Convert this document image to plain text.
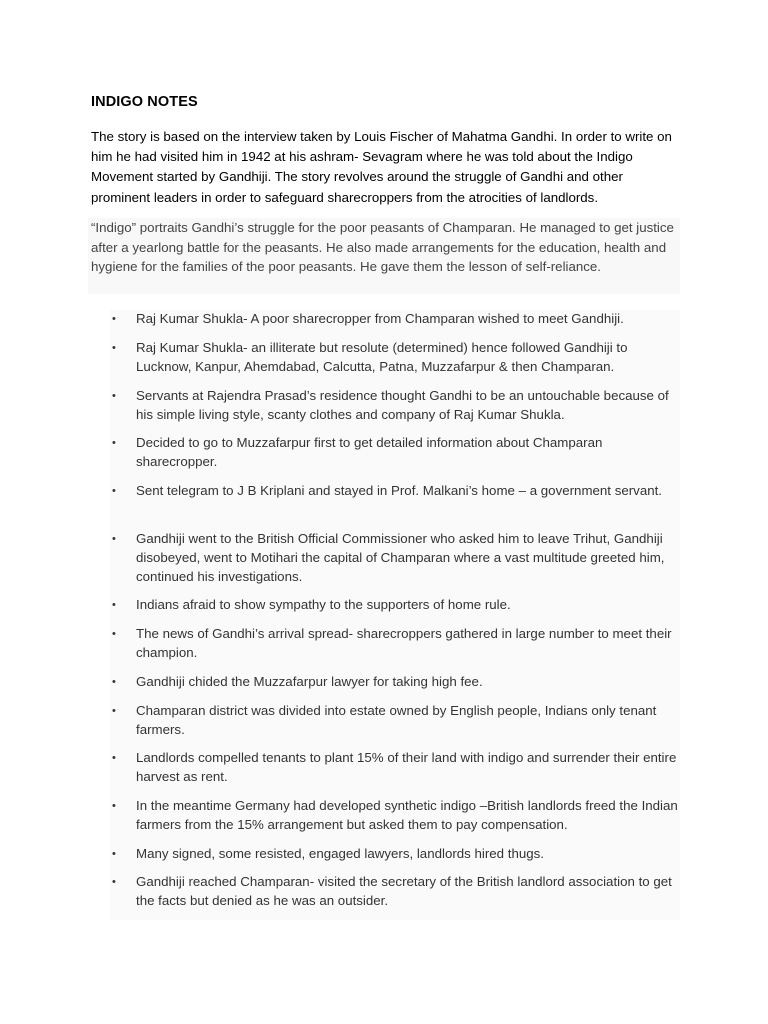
INDIGO NOTES

The story is based on the interview taken by Louis Fischer of Mahatma Gandhi. In order to write on him he had visited him in 1942 at his ashram- Sevagram where he was told about the Indigo Movement started by Gandhiji. The story revolves around the struggle of Gandhi and other prominent leaders in order to safeguard sharecroppers from the atrocities of landlords.

“Indigo” portraits Gandhi’s struggle for the poor peasants of Champaran. He managed to get justice after a yearlong battle for the peasants. He also made arrangements for the education, health and hygiene for the families of the poor peasants. He gave them the lesson of self-reliance.

• Raj Kumar Shukla- A poor sharecropper from Champaran wished to meet Gandhiji.
• Raj Kumar Shukla- an illiterate but resolute (determined) hence followed Gandhiji to Lucknow, Kanpur, Ahemdabad, Calcutta, Patna, Muzzafarpur & then Champaran.
• Servants at Rajendra Prasad’s residence thought Gandhi to be an untouchable because of his simple living style, scanty clothes and company of Raj Kumar Shukla.
• Decided to go to Muzzafarpur first to get detailed information about Champaran sharecropper.
• Sent telegram to J B Kriplani and stayed in Prof. Malkani’s home – a government servant.
• Gandhiji went to the British Official Commissioner who asked him to leave Trihut, Gandhiji disobeyed, went to Motihari the capital of Champaran where a vast multitude greeted him, continued his investigations.
• Indians afraid to show sympathy to the supporters of home rule.
• The news of Gandhi’s arrival spread- sharecroppers gathered in large number to meet their champion.
• Gandhiji chided the Muzzafarpur lawyer for taking high fee.
• Champaran district was divided into estate owned by English people, Indians only tenant farmers.
• Landlords compelled tenants to plant 15% of their land with indigo and surrender their entire harvest as rent.
• In the meantime Germany had developed synthetic indigo –British landlords freed the Indian farmers from the 15% arrangement but asked them to pay compensation.
• Many signed, some resisted, engaged lawyers, landlords hired thugs.
• Gandhiji reached Champaran- visited the secretary of the British landlord association to get the facts but denied as he was an outsider.
